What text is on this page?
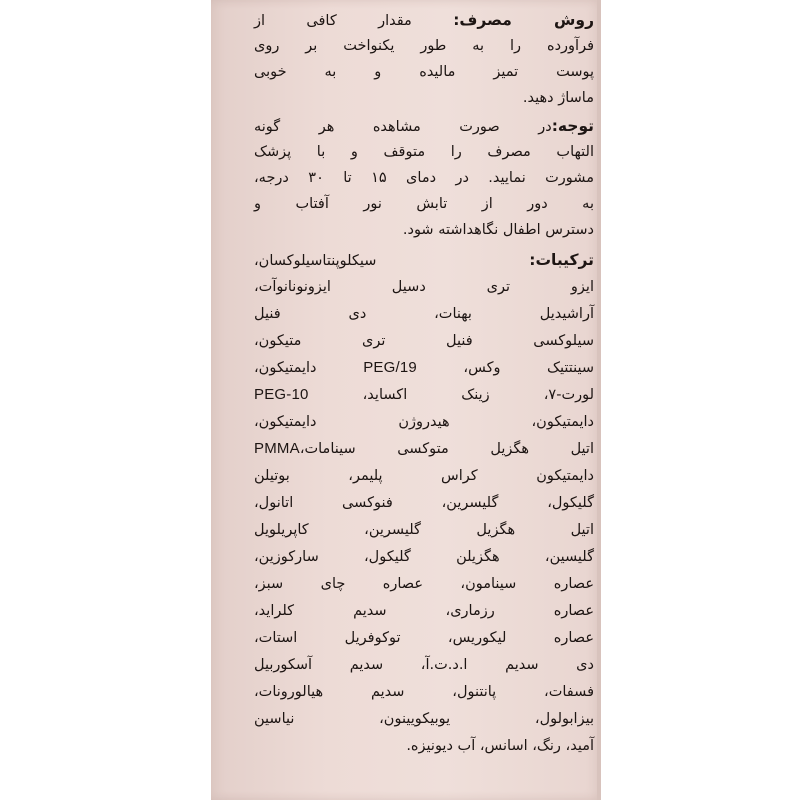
روش مصرف: مقدار کافی از
فرآورده را به طور یکنواخت بر روی
پوست تمیز مالیده و به خوبی
ماساژ دهید.
توجه:در صورت مشاهده هر گونه
التهاب مصرف را متوقف و با پزشک
مشورت نمایید. در دمای ۱۵ تا ۳۰ درجه،
به دور از تابش نور آفتاب و
دسترس اطفال نگاهداشته شود.
ترکیبات: سیکلوپنتاسیلوکسان،
ایزو تری دسیل ایزونونانوآت،
آراشیدیل بهنات، دی فنیل
سیلوکسی فنیل تری متیکون،
سینتتیک وکس، PEG/19 دایمتیکون،
لورت-۷، زینک اکساید، PEG-10
دایمتیکون، هیدروژن دایمتیکون،
اتیل هگزیل متوکسی سینامات،PMMA
دایمتیکون کراس پلیمر، بوتیلن
گلیکول، گلیسرین، فنوکسی اتانول،
اتیل هگزیل گلیسرین، کاپریلویل
گلیسین، هگزیلن گلیکول، سارکوزین،
عصاره سینامون، عصاره چای سبز،
عصاره رزماری، سدیم کلراید،
عصاره لیکوریس، توکوفریل استات،
دی سدیم ا.د.ت.آ، سدیم آسکوربیل
فسفات، پانتنول، سدیم هیالورونات،
بیزابولول، یوبیکویینون، نیاسین
آمید، رنگ، اسانس، آب دیونیزه.
